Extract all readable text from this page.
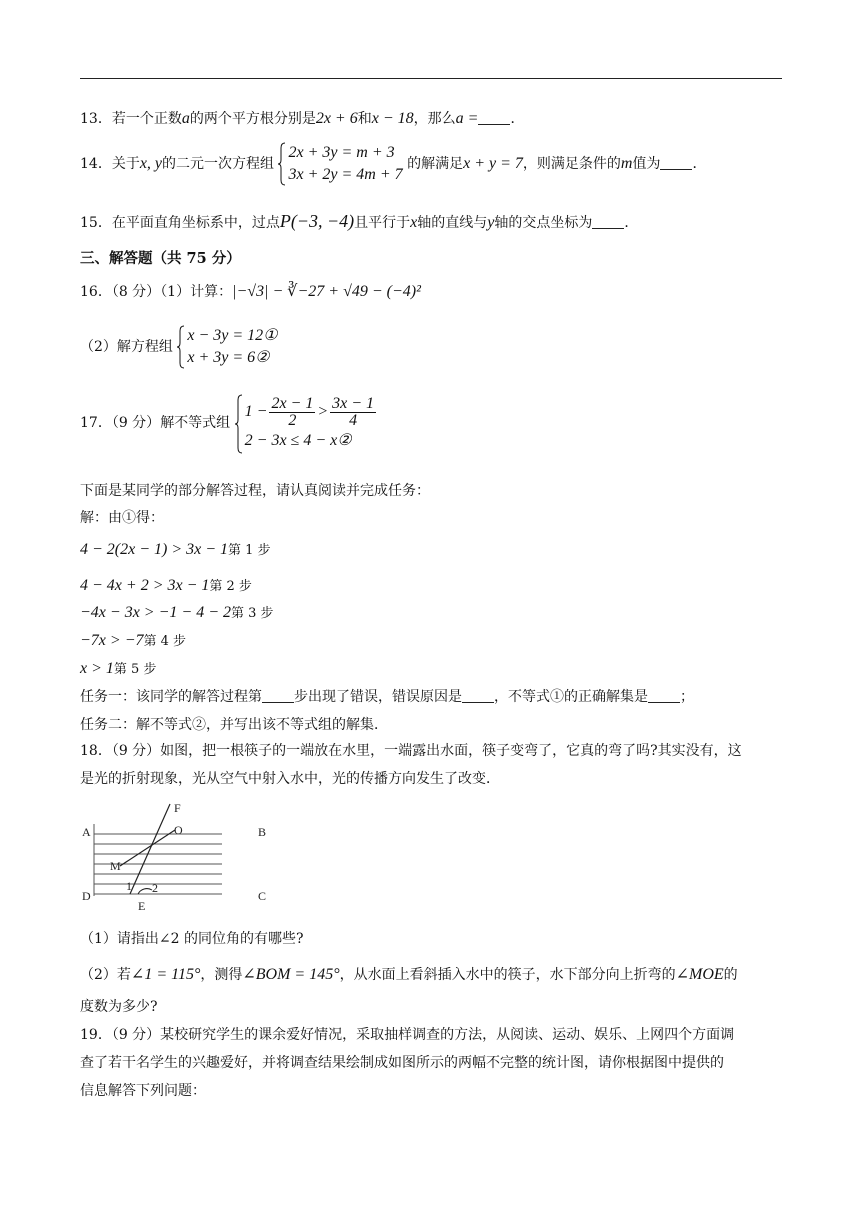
13．若一个正数a的两个平方根分别是2x + 6和x − 18，那么a = ．
14．关于x, y的二元一次方程组
2x + 3y = m + 3
3x + 2y = 4m + 7
的解满足x + y = 7，则满足条件的m值为 ．
15．在平面直角坐标系中，过点P(−3, −4)且平行于x轴的直线与y轴的交点坐标为 ．
三、解答题（共 75 分）
16．（8 分）（1）计算：|−√3| − ∛−27 + √49 − (−4)²
（2）解方程组
x − 3y = 12①
x + 3y = 6②
17．（9 分）解不等式组
$1 - \frac{2x - 1}{2} > \frac{3x - 1}{4}$
2 − 3x ≤ 4 − x②
下面是某同学的部分解答过程，请认真阅读并完成任务：
解：由①得：
4 − 2(2x − 1) > 3x − 1第 1 步
4 − 4x + 2 > 3x − 1第 2 步
−4x − 3x > −1 − 4 − 2第 3 步
−7x > −7第 4 步
x > 1第 5 步
任务一：该同学的解答过程第 步出现了错误，错误原因是 ，不等式①的正确解集是 ；
任务二：解不等式②，并写出该不等式组的解集．
18．（9 分）如图，把一根筷子的一端放在水里，一端露出水面，筷子变弯了，它真的弯了吗?其实没有，这
是光的折射现象，光从空气中射入水中，光的传播方向发生了改变．
F
O
A
M
D
E
1 2
B
C
（1）请指出∠2 的同位角的有哪些?
（2）若∠1 = 115°，测得∠BOM = 145°，从水面上看斜插入水中的筷子，水下部分向上折弯的∠MOE的
度数为多少?
19．（9 分）某校研究学生的课余爱好情况，采取抽样调查的方法，从阅读、运动、娱乐、上网四个方面调
查了若干名学生的兴趣爱好，并将调查结果绘制成如图所示的两幅不完整的统计图，请你根据图中提供的
信息解答下列问题：
